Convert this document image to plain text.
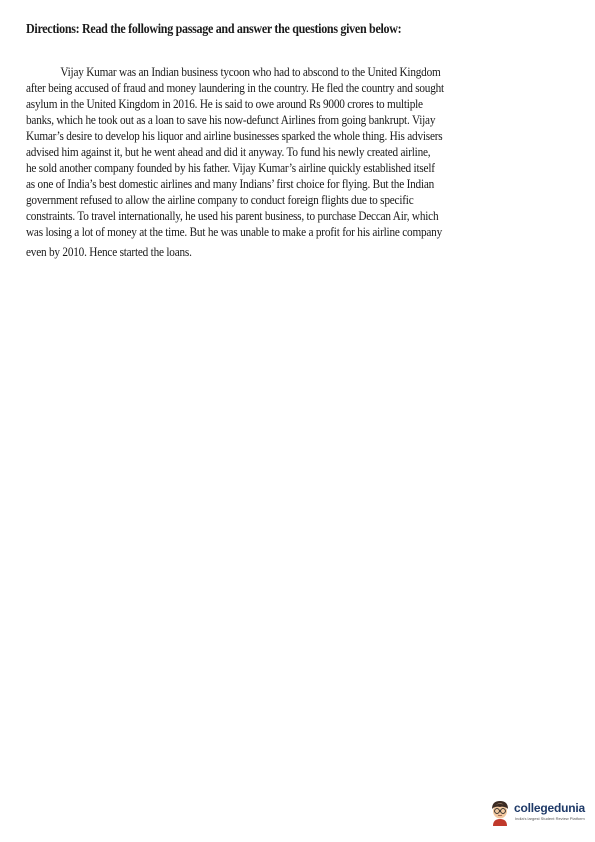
Directions: Read the following passage and answer the questions given below:
Vijay Kumar was an Indian business tycoon who had to abscond to the United Kingdom
after being accused of fraud and money laundering in the country. He fled the country and sought
asylum in the United Kingdom in 2016. He is said to owe around Rs 9000 crores to multiple
banks, which he took out as a loan to save his now-defunct Airlines from going bankrupt. Vijay
Kumar’s desire to develop his liquor and airline businesses sparked the whole thing. His advisers
advised him against it, but he went ahead and did it anyway. To fund his newly created airline,
he sold another company founded by his father. Vijay Kumar’s airline quickly established itself
as one of India’s best domestic airlines and many Indians’ first choice for flying. But the Indian
government refused to allow the airline company to conduct foreign flights due to specific
constraints. To travel internationally, he used his parent business, to purchase Deccan Air, which
was losing a lot of money at the time. But he was unable to make a profit for his airline company
even by 2010. Hence started the loans.
collegedunia
India's largest Student Review Platform
